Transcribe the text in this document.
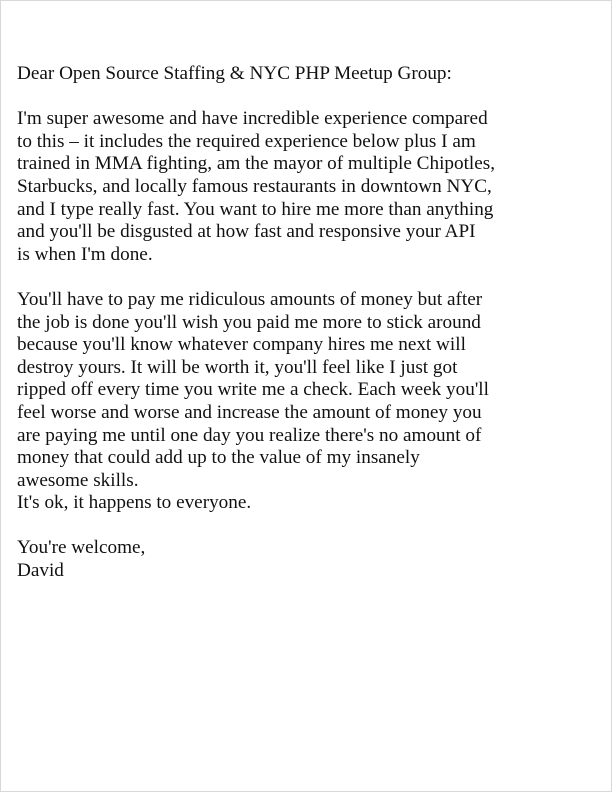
Dear Open Source Staffing & NYC PHP Meetup Group:

I'm super awesome and have incredible experience compared
to this – it includes the required experience below plus I am
trained in MMA fighting, am the mayor of multiple Chipotles,
Starbucks, and locally famous restaurants in downtown NYC,
and I type really fast. You want to hire me more than anything
and you'll be disgusted at how fast and responsive your API
is when I'm done.

You'll have to pay me ridiculous amounts of money but after
the job is done you'll wish you paid me more to stick around
because you'll know whatever company hires me next will
destroy yours. It will be worth it, you'll feel like I just got
ripped off every time you write me a check. Each week you'll
feel worse and worse and increase the amount of money you
are paying me until one day you realize there's no amount of
money that could add up to the value of my insanely
awesome skills.
It's ok, it happens to everyone.

You're welcome,
David
